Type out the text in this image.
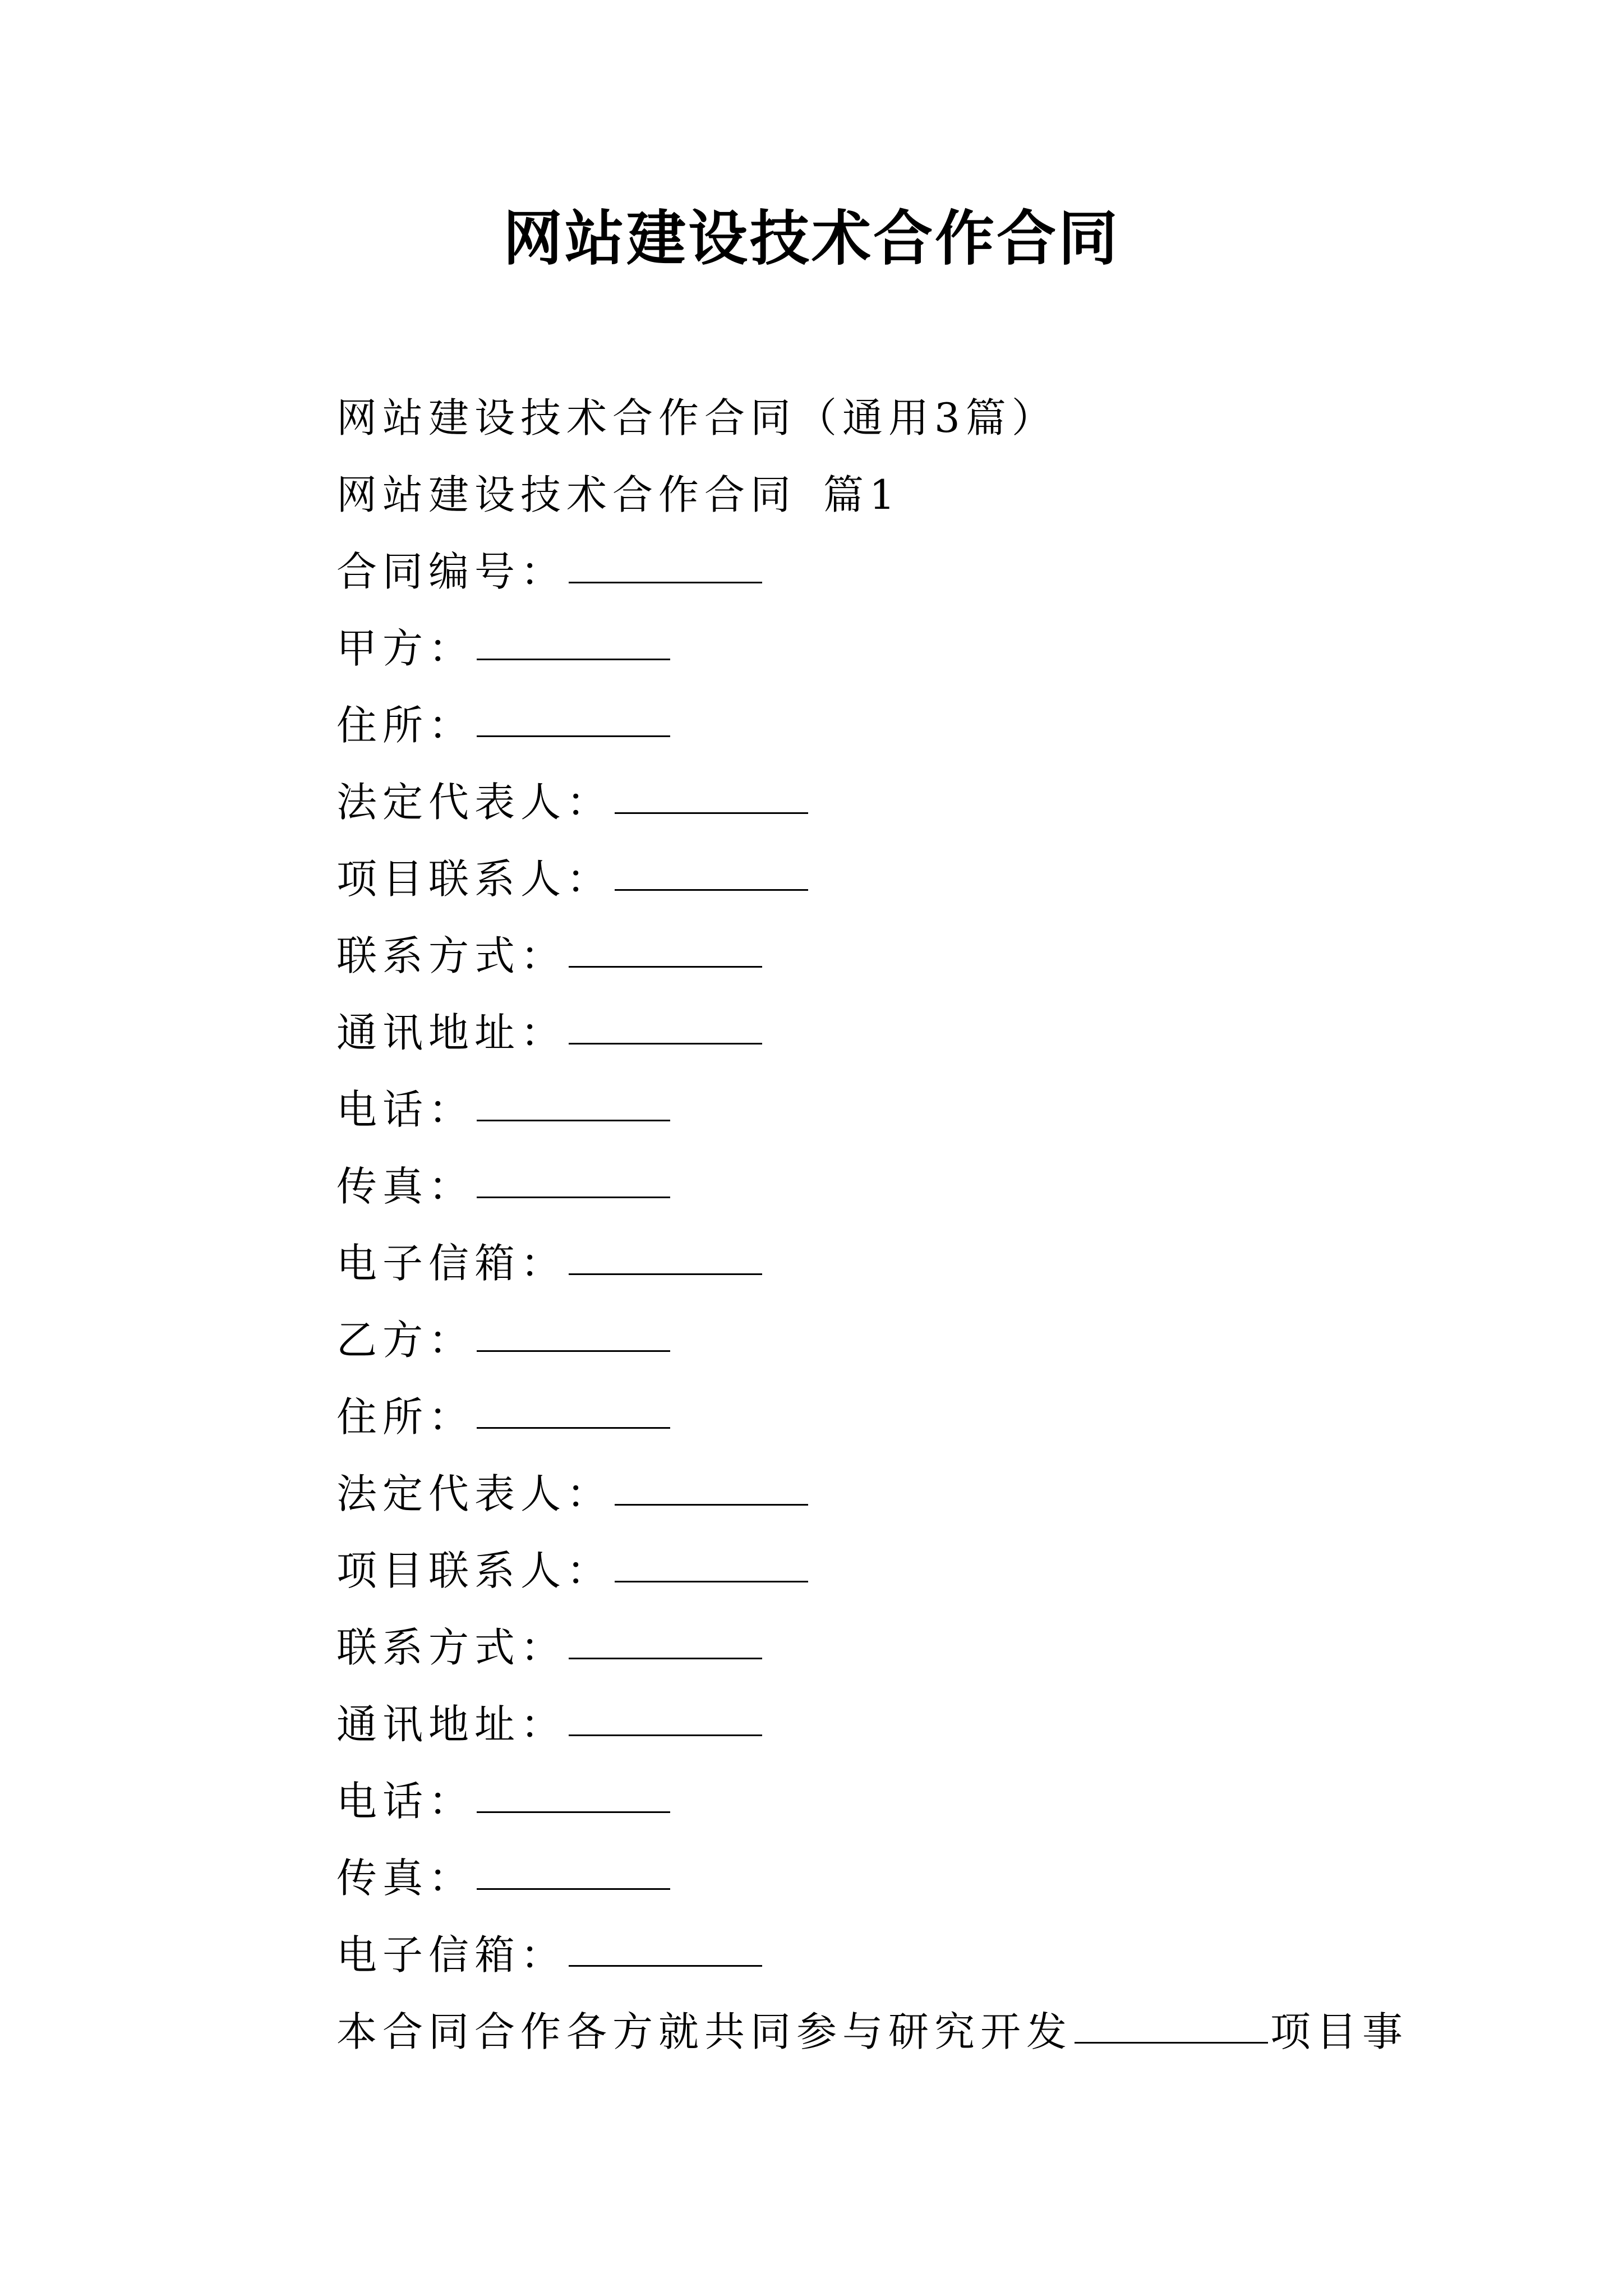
网站建设技术合作合同
网站建设技术合作合同（通用3篇）
网站建设技术合作合同 篇1
合同编号：
甲方：
住所：
法定代表人：
项目联系人：
联系方式：
通讯地址：
电话：
传真：
电子信箱：
乙方：
住所：
法定代表人：
项目联系人：
联系方式：
通讯地址：
电话：
传真：
电子信箱：
本合同合作各方就共同参与研究开发	项目事
